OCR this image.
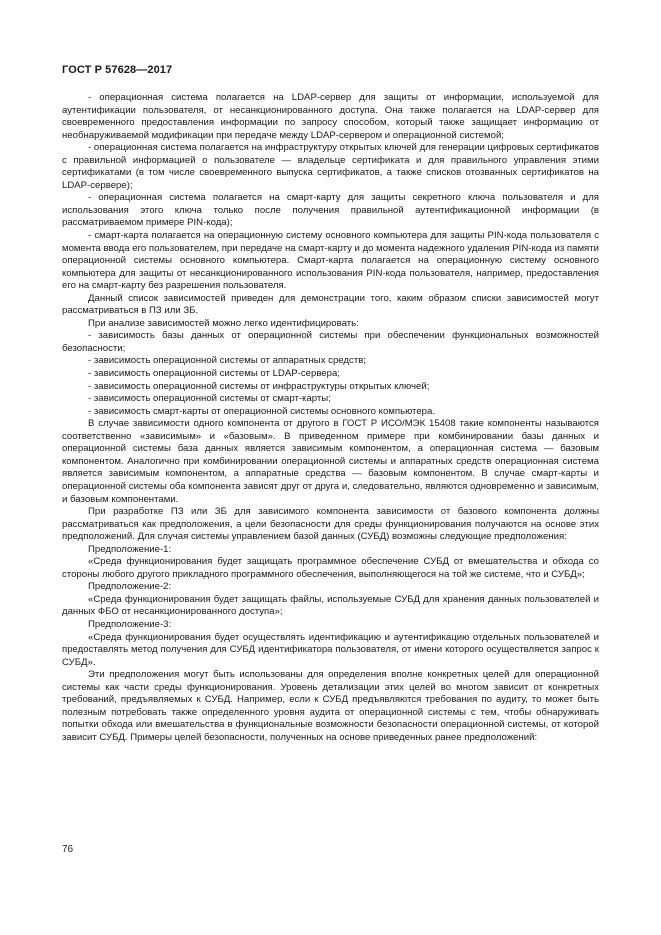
ГОСТ Р 57628—2017

- операционная система полагается на LDAP-сервер для защиты от информации, используемой для аутентификации пользователя, от несанкционированного доступа. Она также полагается на LDAP-сервер для своевременного предоставления информации по запросу способом, который также защищает информацию от необнаруживаемой модификации при передаче между LDAP-сервером и операционной системой;

- операционная система полагается на инфраструктуру открытых ключей для генерации цифровых сертификатов с правильной информацией о пользователе — владельце сертификата и для правильного управления этими сертификатами (в том числе своевременного выпуска сертификатов, а также списков отозванных сертификатов на LDAP-сервере);

- операционная система полагается на смарт-карту для защиты секретного ключа пользователя и для использования этого ключа только после получения правильной аутентификационной информации (в рассматриваемом примере PIN-кода);

- смарт-карта полагается на операционную систему основного компьютера для защиты PIN-кода пользователя с момента ввода его пользователем, при передаче на смарт-карту и до момента надежного удаления PIN-кода из памяти операционной системы основного компьютера. Смарт-карта полагается на операционную систему основного компьютера для защиты от несанкционированного использования PIN-кода пользователя, например, предоставления его на смарт-карту без разрешения пользователя.

Данный список зависимостей приведен для демонстрации того, каким образом списки зависимостей могут рассматриваться в ПЗ или ЗБ.

При анализе зависимостей можно легко идентифицировать:

- зависимость базы данных от операционной системы при обеспечении функциональных возможностей безопасности;

- зависимость операционной системы от аппаратных средств;

- зависимость операционной системы от LDAP-сервера;

- зависимость операционной системы от инфраструктуры открытых ключей;

- зависимость операционной системы от смарт-карты;

- зависимость смарт-карты от операционной системы основного компьютера.

В случае зависимости одного компонента от другого в ГОСТ Р ИСО/МЭК 15408 такие компоненты называются соответственно «зависимым» и «базовым». В приведенном примере при комбинировании базы данных и операционной системы база данных является зависимым компонентом, а операционная система — базовым компонентом. Аналогично при комбинировании операционной системы и аппаратных средств операционная система является зависимым компонентом, а аппаратные средства — базовым компонентом. В случае смарт-карты и операционной системы оба компонента зависят друг от друга и, следовательно, являются одновременно и зависимым, и базовым компонентами.

При разработке ПЗ или ЗБ для зависимого компонента зависимости от базового компонента должны рассматриваться как предположения, а цели безопасности для среды функционирования получаются на основе этих предположений. Для случая системы управлением базой данных (СУБД) возможны следующие предположения:

Предположение-1:

«Среда функционирования будет защищать программное обеспечение СУБД от вмешательства и обхода со стороны любого другого прикладного программного обеспечения, выполняющегося на той же системе, что и СУБД»;

Предположение-2:

«Среда функционирования будет защищать файлы, используемые СУБД для хранения данных пользователей и данных ФБО от несанкционированного доступа»;

Предположение-3:

«Среда функционирования будет осуществлять идентификацию и аутентификацию отдельных пользователей и предоставлять метод получения для СУБД идентификатора пользователя, от имени которого осуществляется запрос к СУБД».

Эти предположения могут быть использованы для определения вполне конкретных целей для операционной системы как части среды функционирования. Уровень детализации этих целей во многом зависит от конкретных требований, предъявляемых к СУБД. Например, если к СУБД предъявляются требования по аудиту, то может быть полезным потребовать также определенного уровня аудита от операционной системы с тем, чтобы обнаруживать попытки обхода или вмешательства в функциональные возможности безопасности операционной системы, от которой зависит СУБД. Примеры целей безопасности, полученных на основе приведенных ранее предположений:

76
